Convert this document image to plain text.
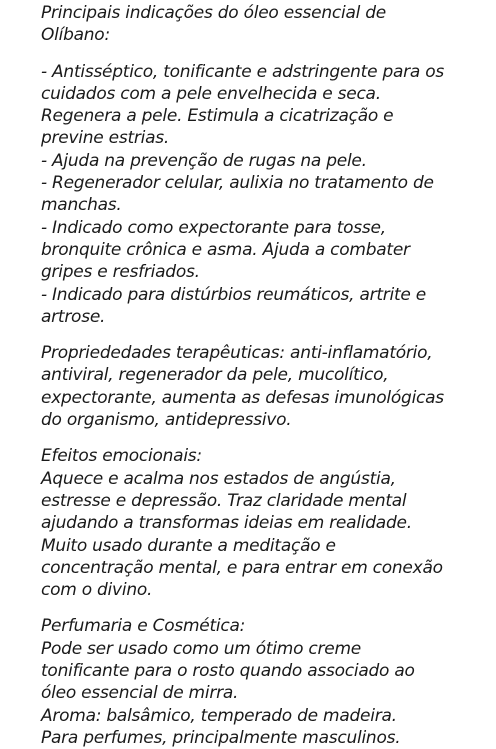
Principais indicações do óleo essencial de
Olíbano:

- Antisséptico, tonificante e adstringente para os
cuidados com a pele envelhecida e seca.
Regenera a pele. Estimula a cicatrização e
previne estrias.
- Ajuda na prevenção de rugas na pele.
- Regenerador celular, aulixia no tratamento de
manchas.
- Indicado como expectorante para tosse,
bronquite crônica e asma. Ajuda a combater
gripes e resfriados.
- Indicado para distúrbios reumáticos, artrite e
artrose.

Propriededades terapêuticas: anti-inflamatório,
antiviral, regenerador da pele, mucolítico,
expectorante, aumenta as defesas imunológicas
do organismo, antidepressivo.

Efeitos emocionais:
Aquece e acalma nos estados de angústia,
estresse e depressão. Traz claridade mental
ajudando a transformas ideias em realidade.
Muito usado durante a meditação e
concentração mental, e para entrar em conexão
com o divino.

Perfumaria e Cosmética:
Pode ser usado como um ótimo creme
tonificante para o rosto quando associado ao
óleo essencial de mirra.
Aroma: balsâmico, temperado de madeira.
Para perfumes, principalmente masculinos.
